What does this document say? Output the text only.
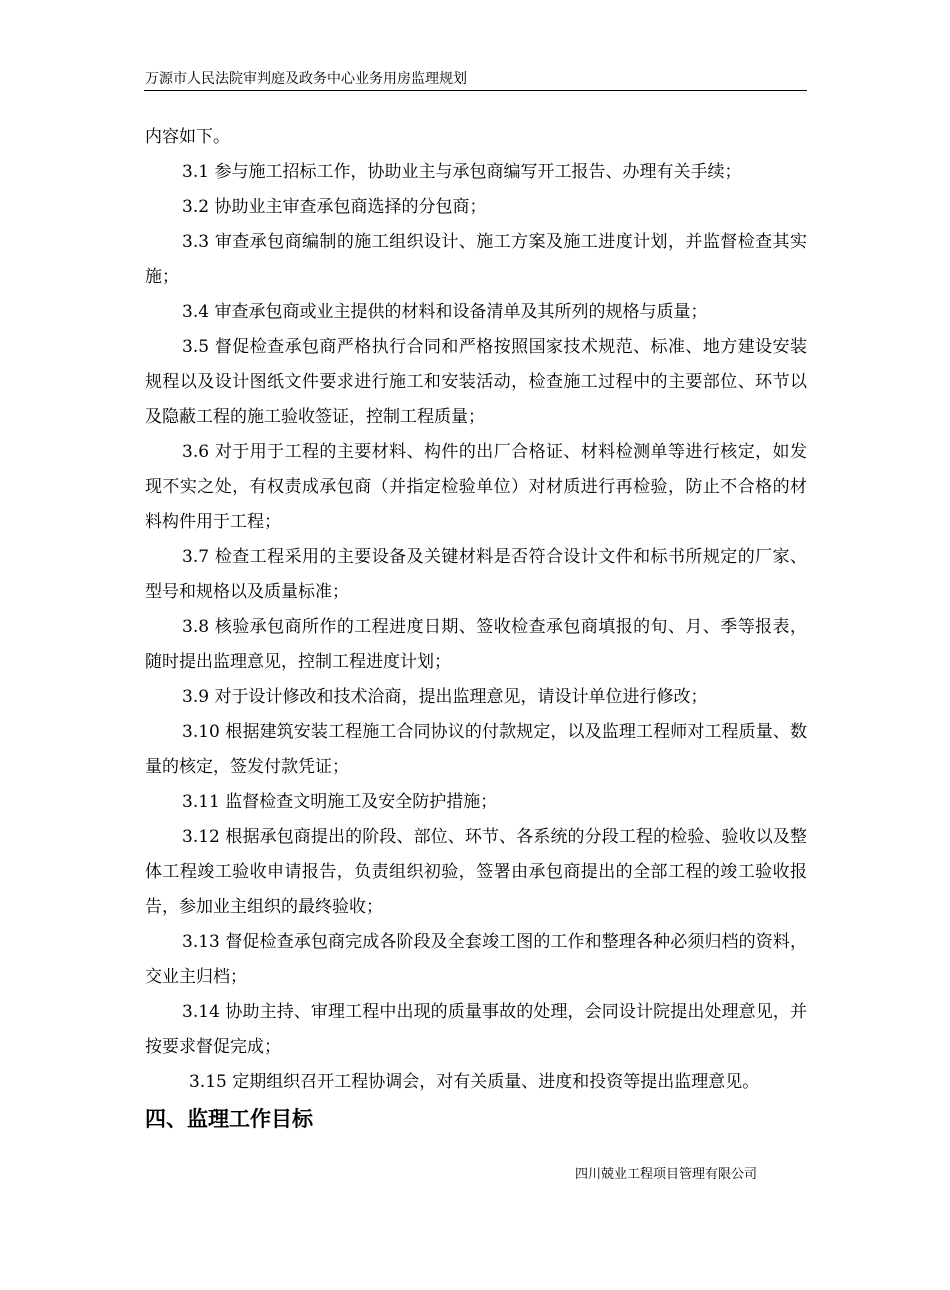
万源市人民法院审判庭及政务中心业务用房监理规划

内容如下。

3.1 参与施工招标工作，协助业主与承包商编写开工报告、办理有关手续；

3.2 协助业主审查承包商选择的分包商；

3.3 审查承包商编制的施工组织设计、施工方案及施工进度计划，并监督检查其实施；

3.4 审查承包商或业主提供的材料和设备清单及其所列的规格与质量；

3.5 督促检查承包商严格执行合同和严格按照国家技术规范、标准、地方建设安装规程以及设计图纸文件要求进行施工和安装活动，检查施工过程中的主要部位、环节以及隐蔽工程的施工验收签证，控制工程质量；

3.6 对于用于工程的主要材料、构件的出厂合格证、材料检测单等进行核定，如发现不实之处，有权责成承包商（并指定检验单位）对材质进行再检验，防止不合格的材料构件用于工程；

3.7 检查工程采用的主要设备及关键材料是否符合设计文件和标书所规定的厂家、型号和规格以及质量标准；

3.8 核验承包商所作的工程进度日期、签收检查承包商填报的旬、月、季等报表，随时提出监理意见，控制工程进度计划；

3.9 对于设计修改和技术洽商，提出监理意见，请设计单位进行修改；

3.10 根据建筑安装工程施工合同协议的付款规定，以及监理工程师对工程质量、数量的核定，签发付款凭证；

3.11 监督检查文明施工及安全防护措施；

3.12 根据承包商提出的阶段、部位、环节、各系统的分段工程的检验、验收以及整体工程竣工验收申请报告，负责组织初验，签署由承包商提出的全部工程的竣工验收报告，参加业主组织的最终验收；

3.13 督促检查承包商完成各阶段及全套竣工图的工作和整理各种必须归档的资料，交业主归档；

3.14 协助主持、审理工程中出现的质量事故的处理，会同设计院提出处理意见，并按要求督促完成；

3.15 定期组织召开工程协调会，对有关质量、进度和投资等提出监理意见。

四、监理工作目标
四川兢业工程项目管理有限公司
